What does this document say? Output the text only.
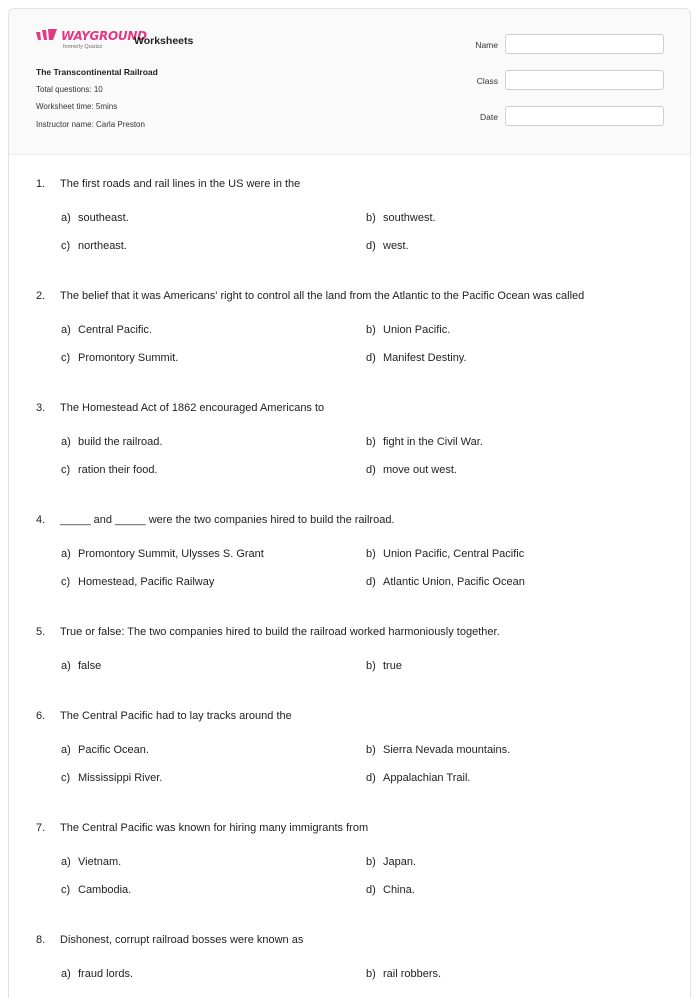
WAYGROUND
formerly Quizizz	Worksheets
The Transcontinental Railroad
Total questions: 10
Worksheet time: 5mins
Instructor name: Carla Preston
Name
Class
Date
1. The first roads and rail lines in the US were in the
a) southeast.	b) southwest.
c) northeast.	d) west.
2. The belief that it was Americans' right to control all the land from the Atlantic to the Pacific Ocean was called
a) Central Pacific.	b) Union Pacific.
c) Promontory Summit.	d) Manifest Destiny.
3. The Homestead Act of 1862 encouraged Americans to
a) build the railroad.	b) fight in the Civil War.
c) ration their food.	d) move out west.
4. _____ and _____ were the two companies hired to build the railroad.
a) Promontory Summit, Ulysses S. Grant	b) Union Pacific, Central Pacific
c) Homestead, Pacific Railway	d) Atlantic Union, Pacific Ocean
5. True or false: The two companies hired to build the railroad worked harmoniously together.
a) false	b) true
6. The Central Pacific had to lay tracks around the
a) Pacific Ocean.	b) Sierra Nevada mountains.
c) Mississippi River.	d) Appalachian Trail.
7. The Central Pacific was known for hiring many immigrants from
a) Vietnam.	b) Japan.
c) Cambodia.	d) China.
8. Dishonest, corrupt railroad bosses were known as
a) fraud lords.	b) rail robbers.
